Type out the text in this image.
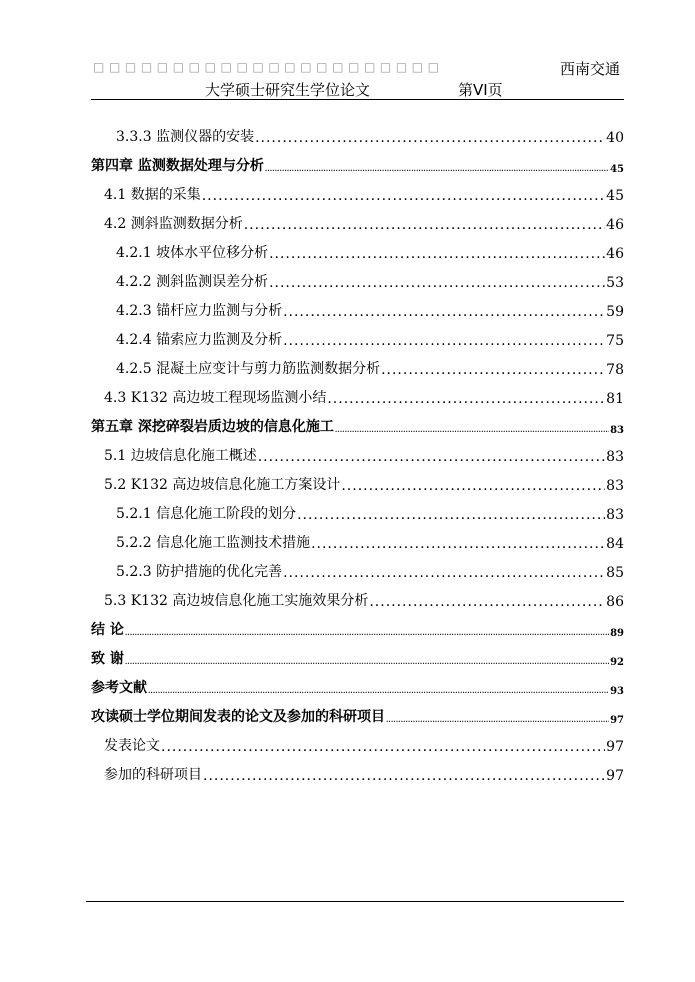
□□□□□□□□□□□□□□□□□□□□□□	西南交通
大学硕士研究生学位论文	第VI页
3.3.3 监测仪器的安装 .....	40
第四章 监测数据处理与分析 .....	45
4.1 数据的采集 .....	45
4.2 测斜监测数据分析 .....	46
4.2.1 坡体水平位移分析 .....	46
4.2.2 测斜监测误差分析 .....	53
4.2.3 锚杆应力监测与分析 .....	59
4.2.4 锚索应力监测及分析 .....	75
4.2.5 混凝土应变计与剪力筋监测数据分析 .....	78
4.3 K132 高边坡工程现场监测小结 .....	81
第五章 深挖碎裂岩质边坡的信息化施工 .....	83
5.1 边坡信息化施工概述 .....	83
5.2 K132 高边坡信息化施工方案设计 .....	83
5.2.1 信息化施工阶段的划分 .....	83
5.2.2 信息化施工监测技术措施 .....	84
5.2.3 防护措施的优化完善 .....	85
5.3 K132 高边坡信息化施工实施效果分析 .....	86
结 论 .....	89
致 谢 .....	92
参考文献 .....	93
攻读硕士学位期间发表的论文及参加的科研项目 .....	97
发表论文 .....	97
参加的科研项目 .....	97
